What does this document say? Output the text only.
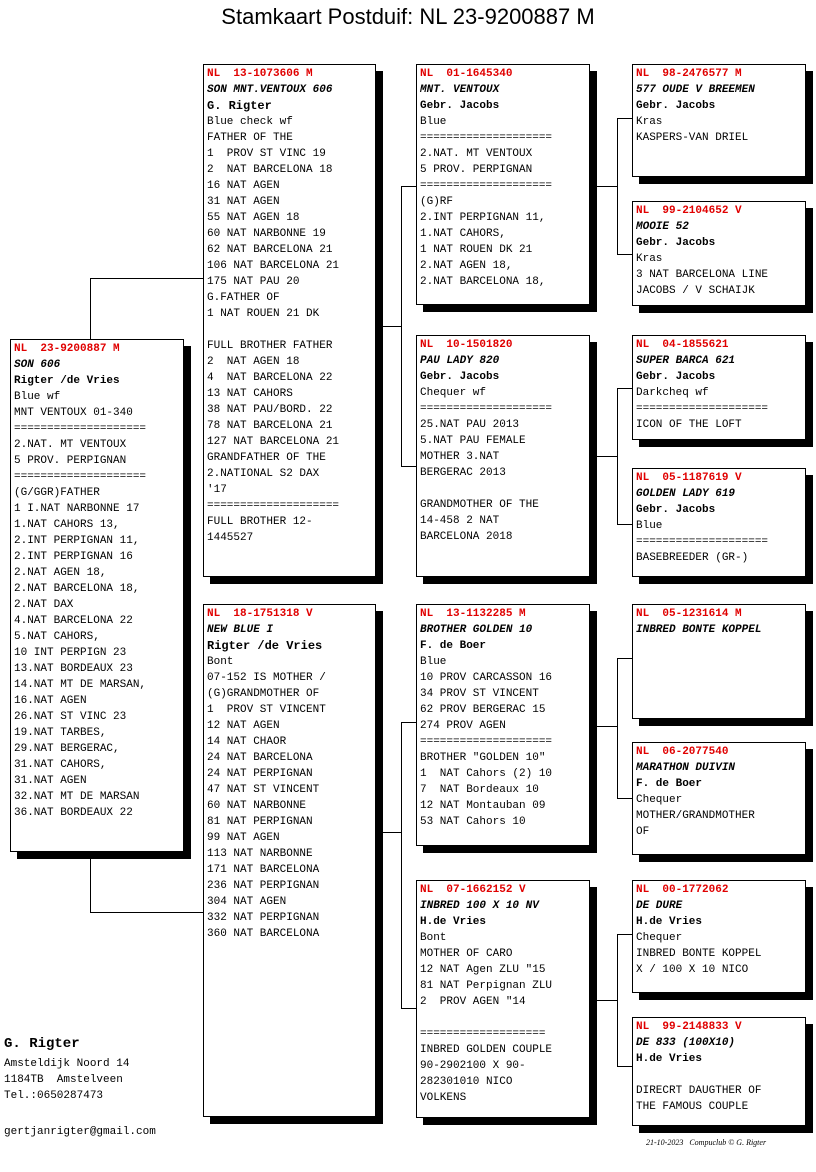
Stamkaart Postduif: NL 23-9200887 M
NL  23-9200887 M
SON 606
Rigter /de Vries
Blue wf
MNT VENTOUX 01-340
====================
2.NAT. MT VENTOUX
5 PROV. PERPIGNAN
====================
(G/GGR)FATHER
1 I.NAT NARBONNE 17
1.NAT CAHORS 13,
2.INT PERPIGNAN 11,
2.INT PERPIGNAN 16
2.NAT AGEN 18,
2.NAT BARCELONA 18,
2.NAT DAX
4.NAT BARCELONA 22
5.NAT CAHORS,
10 INT PERPIGN 23
13.NAT BORDEAUX 23
14.NAT MT DE MARSAN,
16.NAT AGEN
26.NAT ST VINC 23
19.NAT TARBES,
29.NAT BERGERAC,
31.NAT CAHORS,
31.NAT AGEN
32.NAT MT DE MARSAN
36.NAT BORDEAUX 22
NL  13-1073606 M
SON MNT.VENTOUX 606
G. Rigter
Blue check wf
FATHER OF THE
1  PROV ST VINC 19
2  NAT BARCELONA 18
16 NAT AGEN
31 NAT AGEN
55 NAT AGEN 18
60 NAT NARBONNE 19
62 NAT BARCELONA 21
106 NAT BARCELONA 21
175 NAT PAU 20
G.FATHER OF
1 NAT ROUEN 21 DK
FULL BROTHER FATHER
2  NAT AGEN 18
4  NAT BARCELONA 22
13 NAT CAHORS
38 NAT PAU/BORD. 22
78 NAT BARCELONA 21
127 NAT BARCELONA 21
GRANDFATHER OF THE
2.NATIONAL S2 DAX
'17
====================
FULL BROTHER 12-
1445527
NL  18-1751318 V
NEW BLUE I
Rigter /de Vries
Bont
07-152 IS MOTHER /
(G)GRANDMOTHER OF
1  PROV ST VINCENT
12 NAT AGEN
14 NAT CHAOR
24 NAT BARCELONA
24 NAT PERPIGNAN
47 NAT ST VINCENT
60 NAT NARBONNE
81 NAT PERPIGNAN
99 NAT AGEN
113 NAT NARBONNE
171 NAT BARCELONA
236 NAT PERPIGNAN
304 NAT AGEN
332 NAT PERPIGNAN
360 NAT BARCELONA
NL  01-1645340
MNT. VENTOUX
Gebr. Jacobs
Blue
====================
2.NAT. MT VENTOUX
5 PROV. PERPIGNAN
====================
(G)RF
2.INT PERPIGNAN 11,
1.NAT CAHORS,
1 NAT ROUEN DK 21
2.NAT AGEN 18,
2.NAT BARCELONA 18,
NL  10-1501820
PAU LADY 820
Gebr. Jacobs
Chequer wf
====================
25.NAT PAU 2013
5.NAT PAU FEMALE
MOTHER 3.NAT
BERGERAC 2013
GRANDMOTHER OF THE
14-458 2 NAT
BARCELONA 2018
NL  13-1132285 M
BROTHER GOLDEN 10
F. de Boer
Blue
10 PROV CARCASSON 16
34 PROV ST VINCENT
62 PROV BERGERAC 15
274 PROV AGEN
====================
BROTHER "GOLDEN 10"
1  NAT Cahors (2) 10
7  NAT Bordeaux 10
12 NAT Montauban 09
53 NAT Cahors 10
NL  07-1662152 V
INBRED 100 X 10 NV
H.de Vries
Bont
MOTHER OF CARO
12 NAT Agen ZLU "15
81 NAT Perpignan ZLU
2  PROV AGEN "14
===================
INBRED GOLDEN COUPLE
90-2902100 X 90-
282301010 NICO
VOLKENS
NL  98-2476577 M
577 OUDE V BREEMEN
Gebr. Jacobs
Kras
KASPERS-VAN DRIEL
NL  99-2104652 V
MOOIE 52
Gebr. Jacobs
Kras
3 NAT BARCELONA LINE
JACOBS / V SCHAIJK
NL  04-1855621
SUPER BARCA 621
Gebr. Jacobs
Darkcheq wf
====================
ICON OF THE LOFT
NL  05-1187619 V
GOLDEN LADY 619
Gebr. Jacobs
Blue
====================
BASEBREEDER (GR-)
NL  05-1231614 M
INBRED BONTE KOPPEL
NL  06-2077540
MARATHON DUIVIN
F. de Boer
Chequer
MOTHER/GRANDMOTHER
OF
NL  00-1772062
DE DURE
H.de Vries
Chequer
INBRED BONTE KOPPEL
X / 100 X 10 NICO
NL  99-2148833 V
DE 833 (100X10)
H.de Vries
DIRECRT DAUGTHER OF
THE FAMOUS COUPLE
G. Rigter
Amsteldijk Noord 14
1184TB  Amstelveen
Tel.:0650287473
gertjanrigter@gmail.com
21-10-2023   Compuclub © G. Rigter
